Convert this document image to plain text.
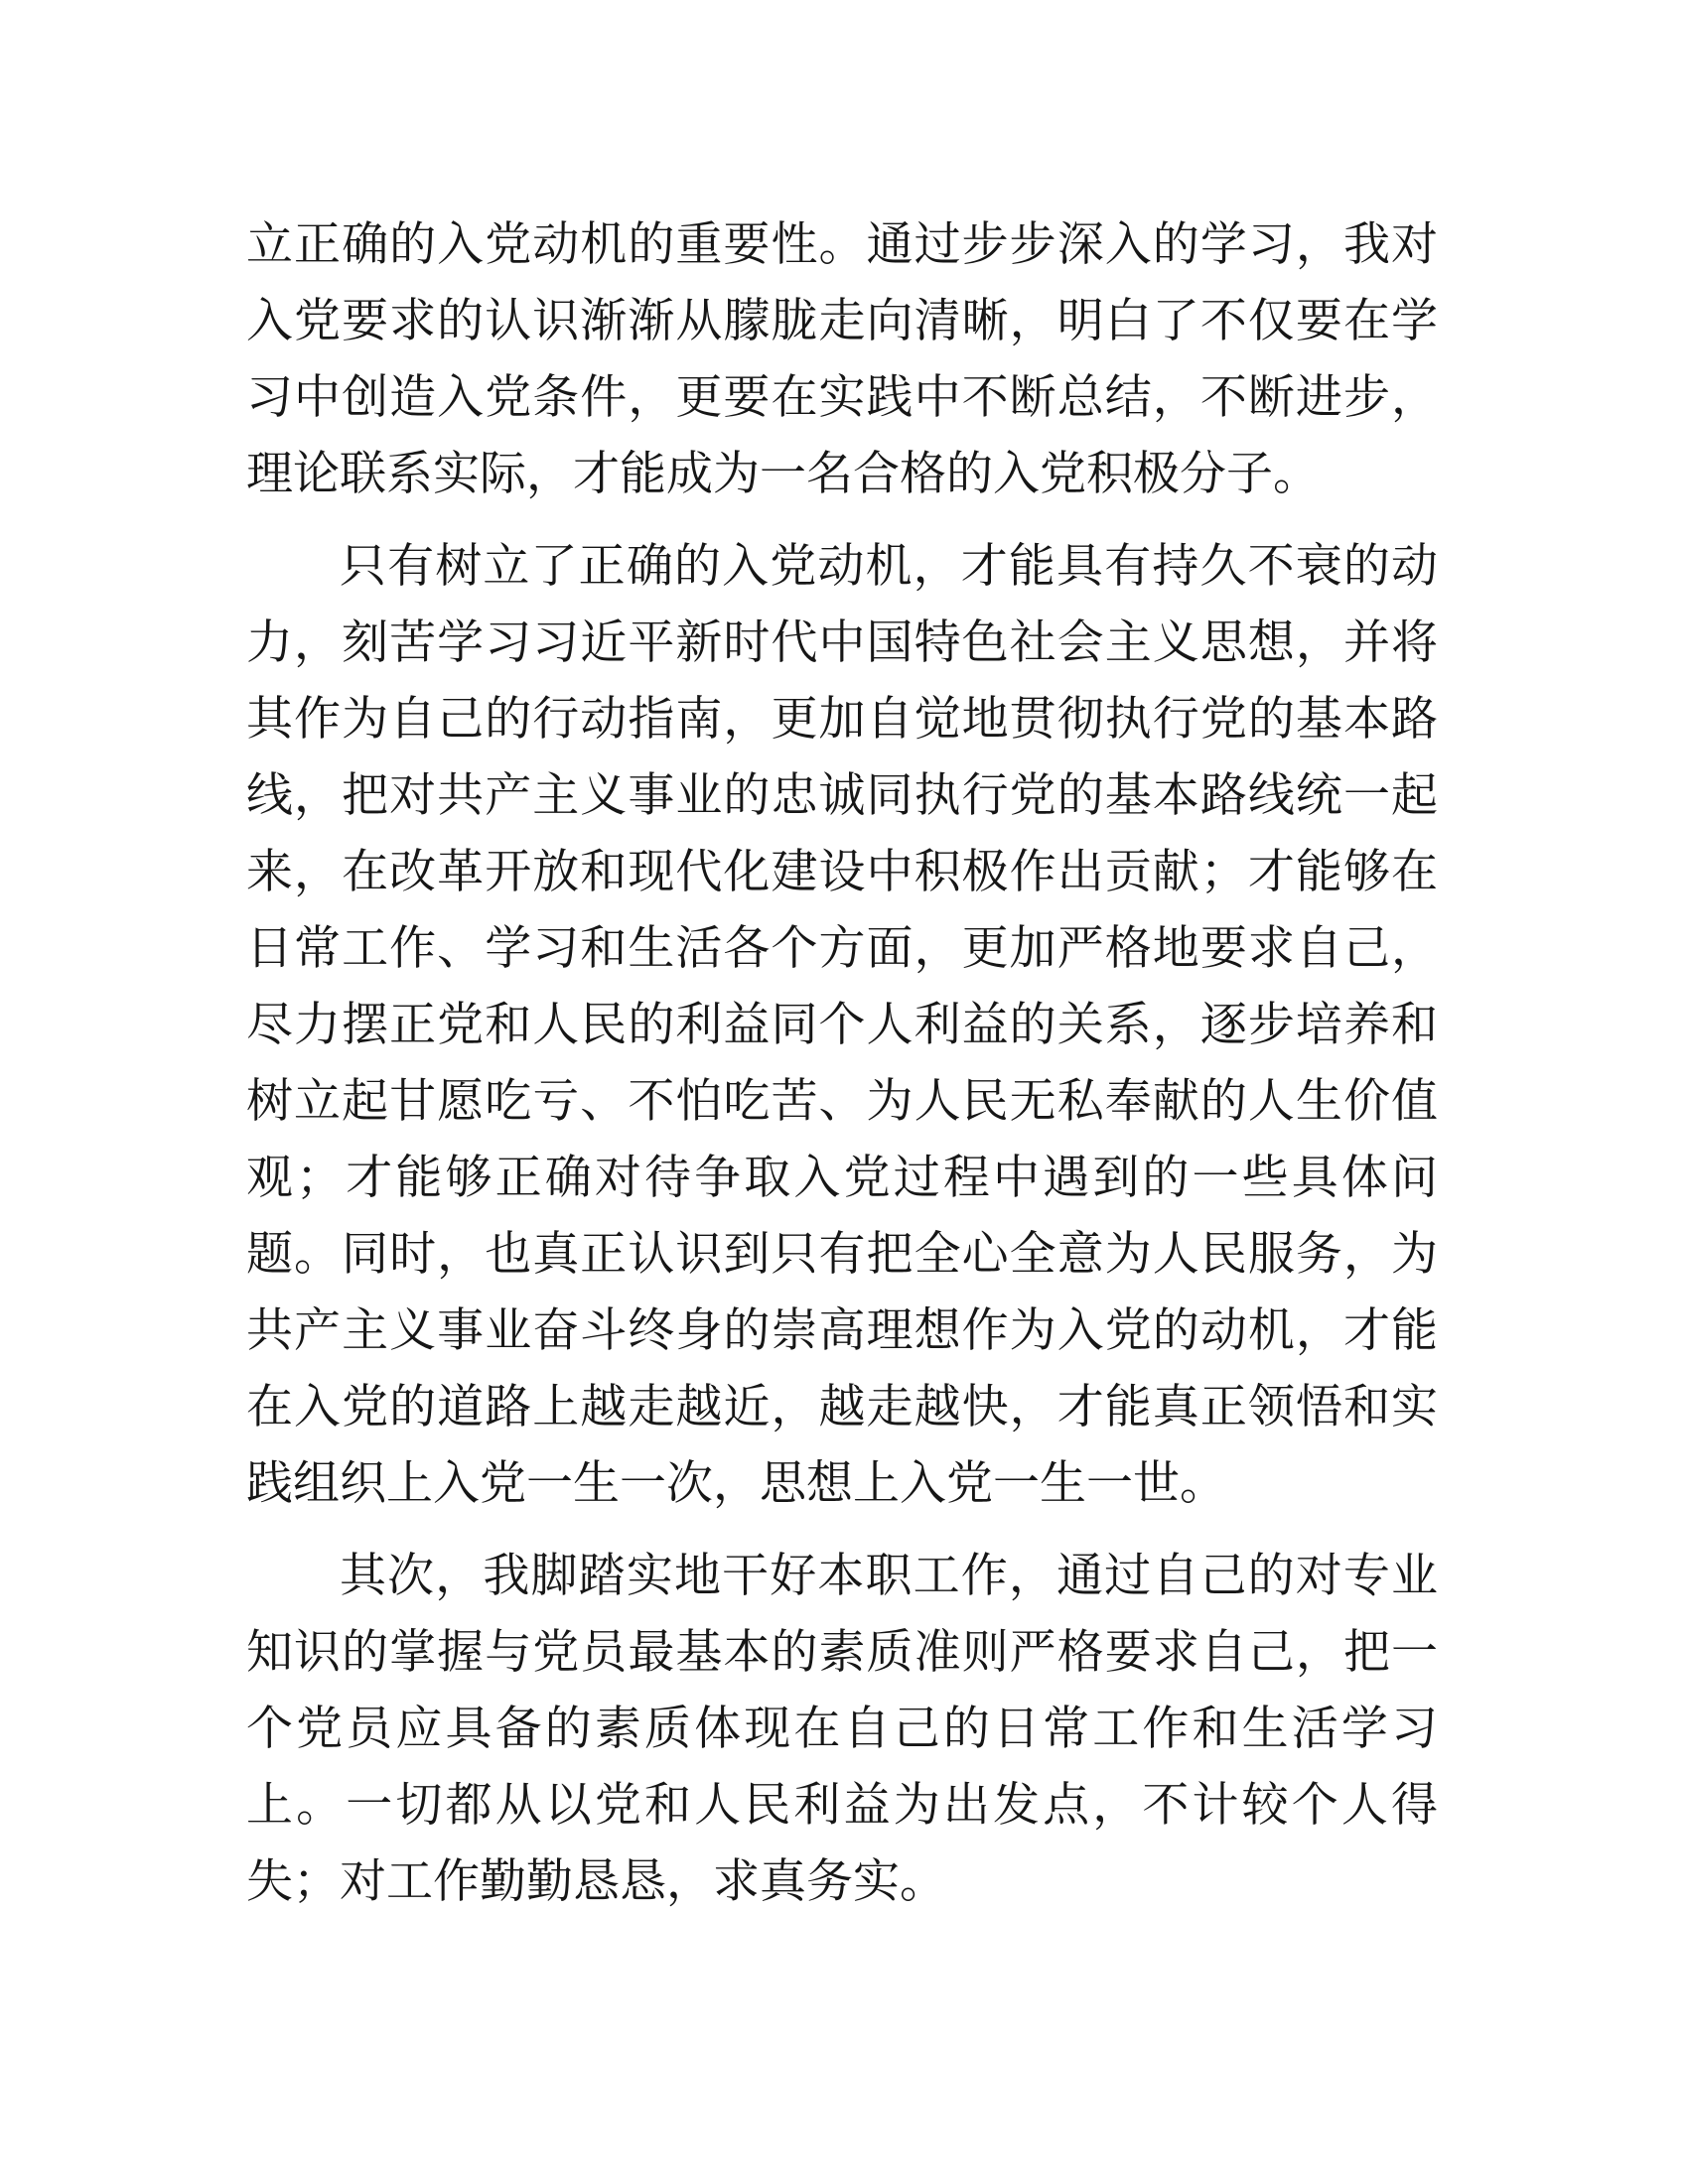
立正确的入党动机的重要性。通过步步深入的学习，我对入党要求的认识渐渐从朦胧走向清晰，明白了不仅要在学习中创造入党条件，更要在实践中不断总结，不断进步，理论联系实际，才能成为一名合格的入党积极分子。

只有树立了正确的入党动机，才能具有持久不衰的动力，刻苦学习习近平新时代中国特色社会主义思想，并将其作为自己的行动指南，更加自觉地贯彻执行党的基本路线，把对共产主义事业的忠诚同执行党的基本路线统一起来，在改革开放和现代化建设中积极作出贡献；才能够在日常工作、学习和生活各个方面，更加严格地要求自己，尽力摆正党和人民的利益同个人利益的关系，逐步培养和树立起甘愿吃亏、不怕吃苦、为人民无私奉献的人生价值观；才能够正确对待争取入党过程中遇到的一些具体问题。同时，也真正认识到只有把全心全意为人民服务，为共产主义事业奋斗终身的崇高理想作为入党的动机，才能在入党的道路上越走越近，越走越快，才能真正领悟和实践组织上入党一生一次，思想上入党一生一世。

其次，我脚踏实地干好本职工作，通过自己的对专业知识的掌握与党员最基本的素质准则严格要求自己，把一个党员应具备的素质体现在自己的日常工作和生活学习上。一切都从以党和人民利益为出发点，不计较个人得失；对工作勤勤恳恳，求真务实。
